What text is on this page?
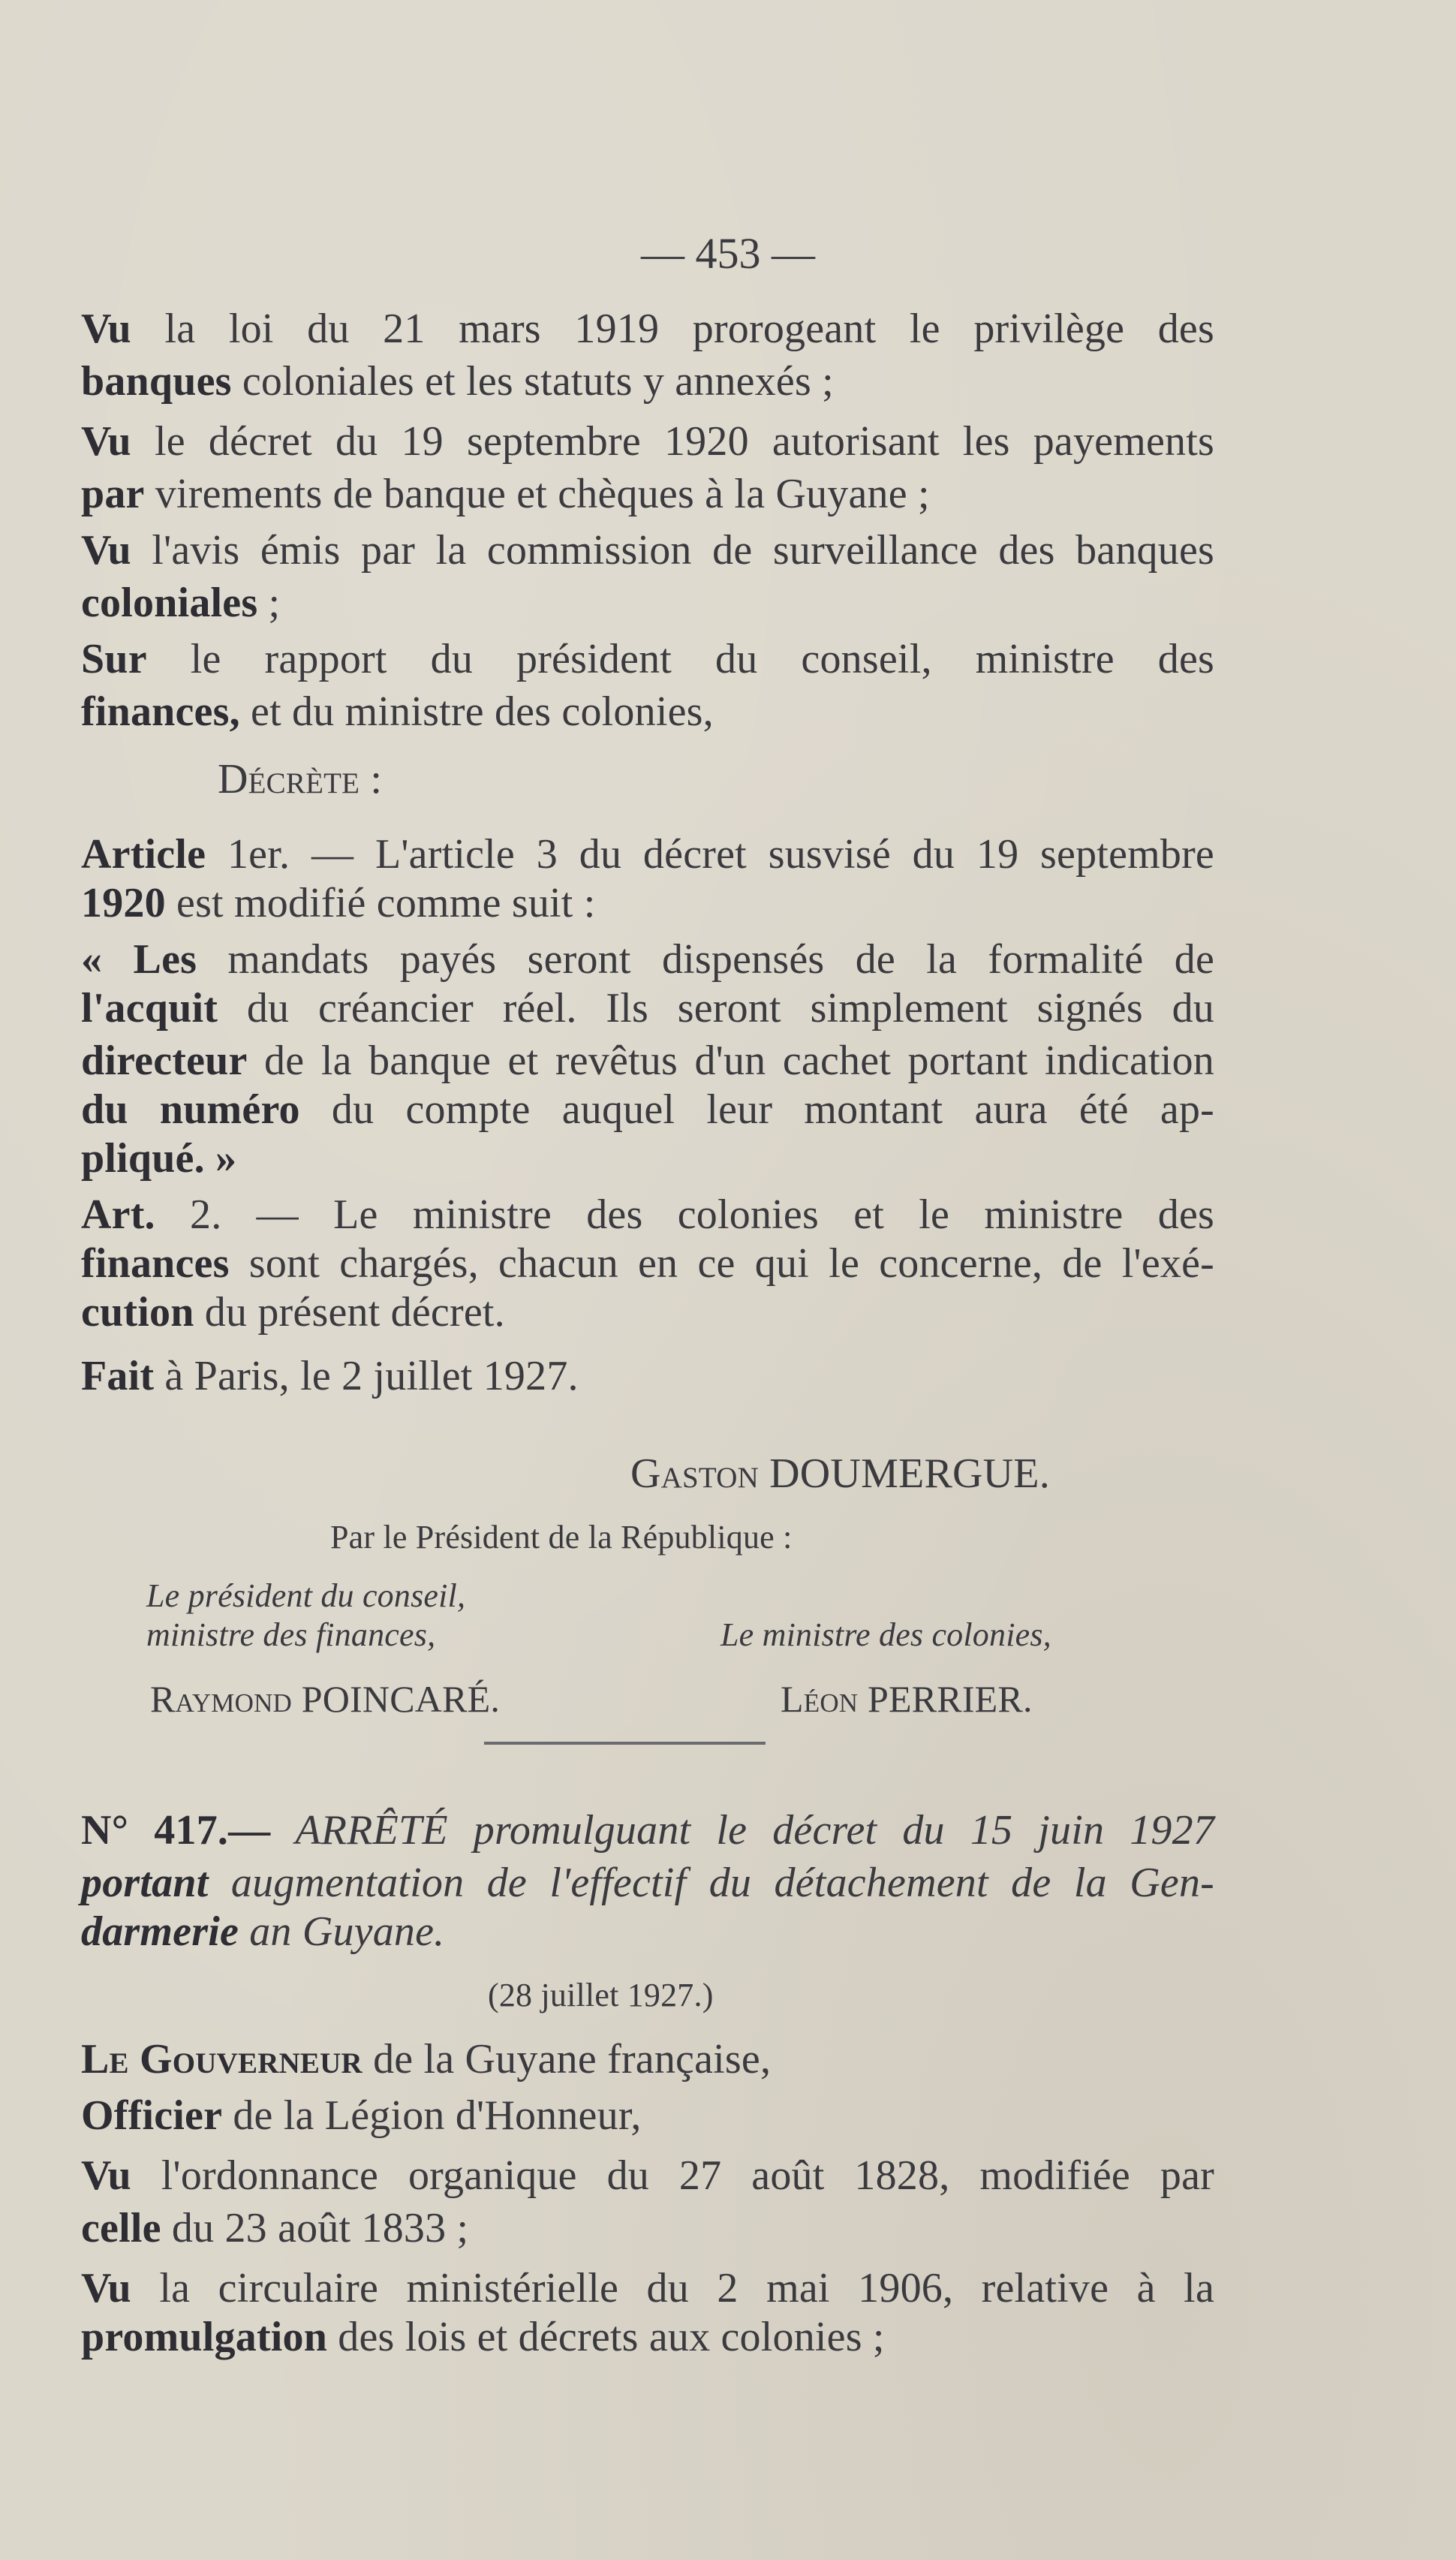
— 453 —
Vu la loi du 21 mars 1919 prorogeant le privilège des
banques coloniales et les statuts y annexés ;
Vu le décret du 19 septembre 1920 autorisant les payements
par virements de banque et chèques à la Guyane ;
Vu l'avis émis par la commission de surveillance des banques
coloniales ;
Sur le rapport du président du conseil, ministre des
finances, et du ministre des colonies,
Décrète :
Article 1er. — L'article 3 du décret susvisé du 19 septembre
1920 est modifié comme suit :
« Les mandats payés seront dispensés de la formalité de
l'acquit du créancier réel. Ils seront simplement signés du
directeur de la banque et revêtus d'un cachet portant indication
du numéro du compte auquel leur montant aura été ap-
pliqué. »
Art. 2. — Le ministre des colonies et le ministre des
finances sont chargés, chacun en ce qui le concerne, de l'exé-
cution du présent décret.
Fait à Paris, le 2 juillet 1927.
Gaston DOUMERGUE.
Par le Président de la République :
Le président du conseil,
ministre des finances,	Le ministre des colonies,
Raymond POINCARÉ.	Léon PERRIER.
N° 417.— ARRÊTÉ promulguant le décret du 15 juin 1927
portant augmentation de l'effectif du détachement de la Gen-
darmerie an Guyane.
(28 juillet 1927.)
Le Gouverneur de la Guyane française,
Officier de la Légion d'Honneur,
Vu l'ordonnance organique du 27 août 1828, modifiée par
celle du 23 août 1833 ;
Vu la circulaire ministérielle du 2 mai 1906, relative à la
promulgation des lois et décrets aux colonies ;
